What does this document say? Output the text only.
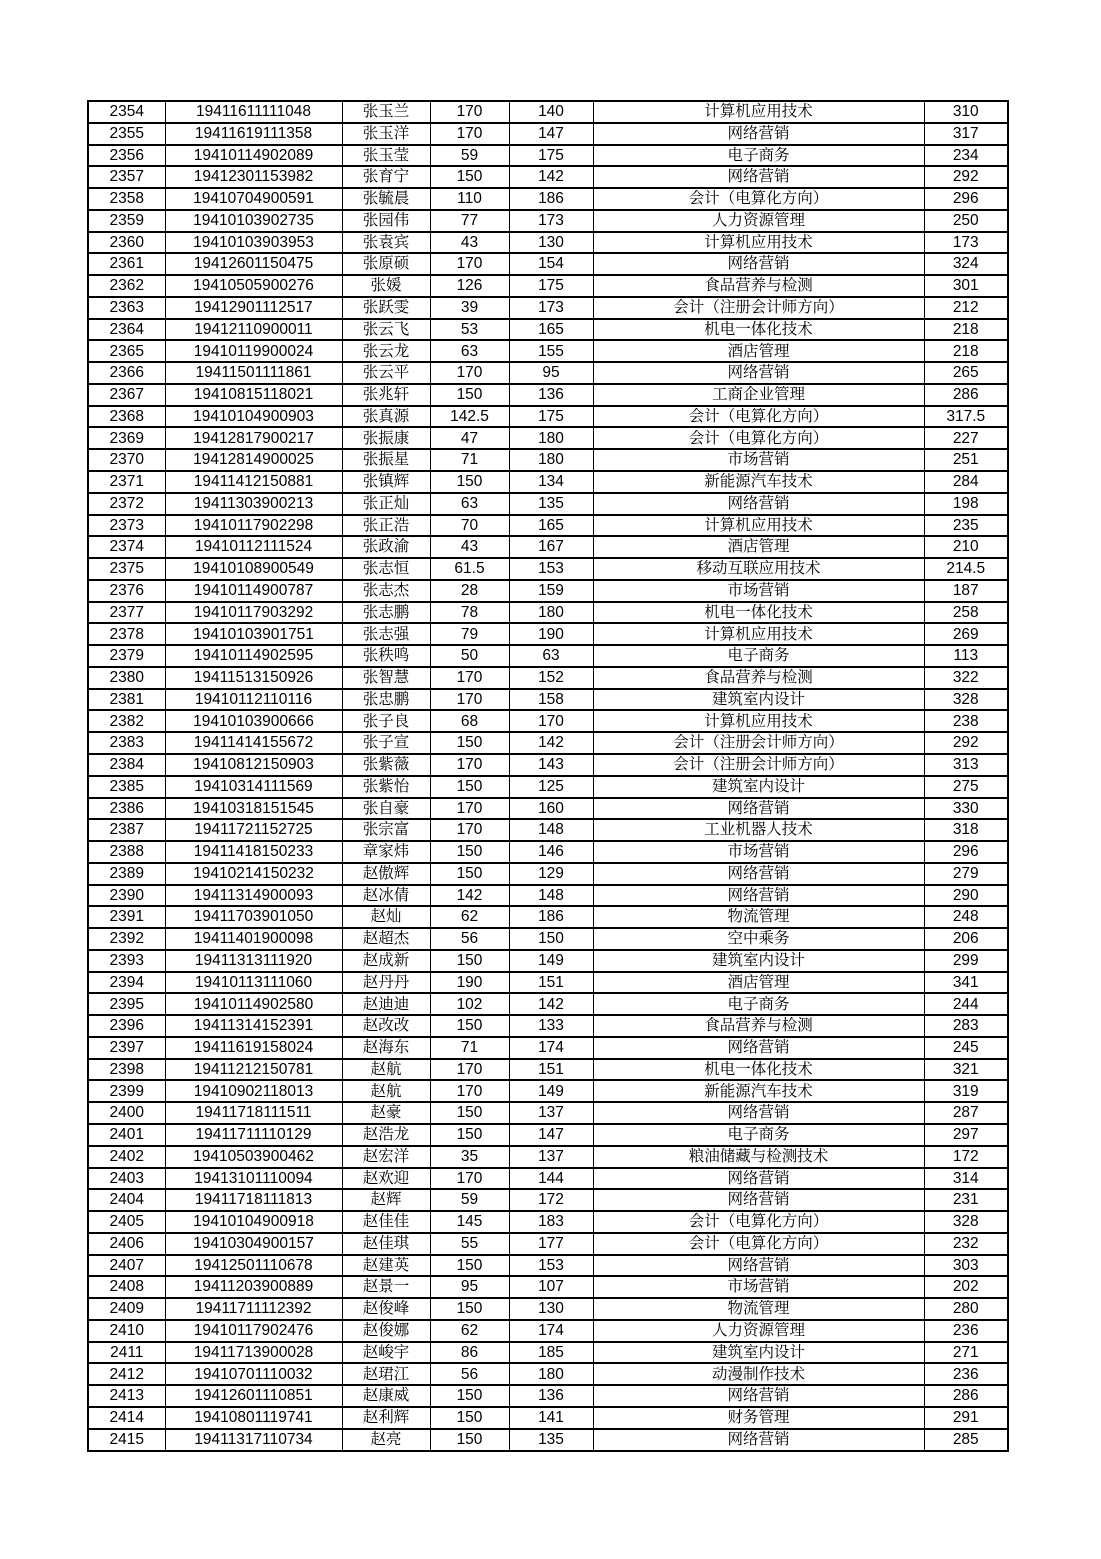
2354	19411611111048	张玉兰	170	140	计算机应用技术	310
2355	19411619111358	张玉洋	170	147	网络营销	317
2356	19410114902089	张玉莹	59	175	电子商务	234
2357	19412301153982	张育宁	150	142	网络营销	292
2358	19410704900591	张毓晨	110	186	会计（电算化方向）	296
2359	19410103902735	张园伟	77	173	人力资源管理	250
2360	19410103903953	张袁宾	43	130	计算机应用技术	173
2361	19412601150475	张原硕	170	154	网络营销	324
2362	19410505900276	张媛	126	175	食品营养与检测	301
2363	19412901112517	张跃雯	39	173	会计（注册会计师方向）	212
2364	19412110900011	张云飞	53	165	机电一体化技术	218
2365	19410119900024	张云龙	63	155	酒店管理	218
2366	19411501111861	张云平	170	95	网络营销	265
2367	19410815118021	张兆轩	150	136	工商企业管理	286
2368	19410104900903	张真源	142.5	175	会计（电算化方向）	317.5
2369	19412817900217	张振康	47	180	会计（电算化方向）	227
2370	19412814900025	张振星	71	180	市场营销	251
2371	19411412150881	张镇辉	150	134	新能源汽车技术	284
2372	19411303900213	张正灿	63	135	网络营销	198
2373	19410117902298	张正浩	70	165	计算机应用技术	235
2374	19410112111524	张政渝	43	167	酒店管理	210
2375	19410108900549	张志恒	61.5	153	移动互联应用技术	214.5
2376	19410114900787	张志杰	28	159	市场营销	187
2377	19410117903292	张志鹏	78	180	机电一体化技术	258
2378	19410103901751	张志强	79	190	计算机应用技术	269
2379	19410114902595	张秩鸣	50	63	电子商务	113
2380	19411513150926	张智慧	170	152	食品营养与检测	322
2381	19410112110116	张忠鹏	170	158	建筑室内设计	328
2382	19410103900666	张子良	68	170	计算机应用技术	238
2383	19411414155672	张子宣	150	142	会计（注册会计师方向）	292
2384	19410812150903	张紫薇	170	143	会计（注册会计师方向）	313
2385	19410314111569	张紫怡	150	125	建筑室内设计	275
2386	19410318151545	张自豪	170	160	网络营销	330
2387	19411721152725	张宗富	170	148	工业机器人技术	318
2388	19411418150233	章家炜	150	146	市场营销	296
2389	19410214150232	赵傲辉	150	129	网络营销	279
2390	19411314900093	赵冰倩	142	148	网络营销	290
2391	19411703901050	赵灿	62	186	物流管理	248
2392	19411401900098	赵超杰	56	150	空中乘务	206
2393	19411313111920	赵成新	150	149	建筑室内设计	299
2394	19410113111060	赵丹丹	190	151	酒店管理	341
2395	19410114902580	赵迪迪	102	142	电子商务	244
2396	19411314152391	赵改改	150	133	食品营养与检测	283
2397	19411619158024	赵海东	71	174	网络营销	245
2398	19411212150781	赵航	170	151	机电一体化技术	321
2399	19410902118013	赵航	170	149	新能源汽车技术	319
2400	19411718111511	赵豪	150	137	网络营销	287
2401	19411711110129	赵浩龙	150	147	电子商务	297
2402	19410503900462	赵宏洋	35	137	粮油储藏与检测技术	172
2403	19413101110094	赵欢迎	170	144	网络营销	314
2404	19411718111813	赵辉	59	172	网络营销	231
2405	19410104900918	赵佳佳	145	183	会计（电算化方向）	328
2406	19410304900157	赵佳琪	55	177	会计（电算化方向）	232
2407	19412501110678	赵建英	150	153	网络营销	303
2408	19411203900889	赵景一	95	107	市场营销	202
2409	19411711112392	赵俊峰	150	130	物流管理	280
2410	19410117902476	赵俊娜	62	174	人力资源管理	236
2411	19411713900028	赵峻宇	86	185	建筑室内设计	271
2412	19410701110032	赵珺江	56	180	动漫制作技术	236
2413	19412601110851	赵康威	150	136	网络营销	286
2414	19410801119741	赵利辉	150	141	财务管理	291
2415	19411317110734	赵亮	150	135	网络营销	285
